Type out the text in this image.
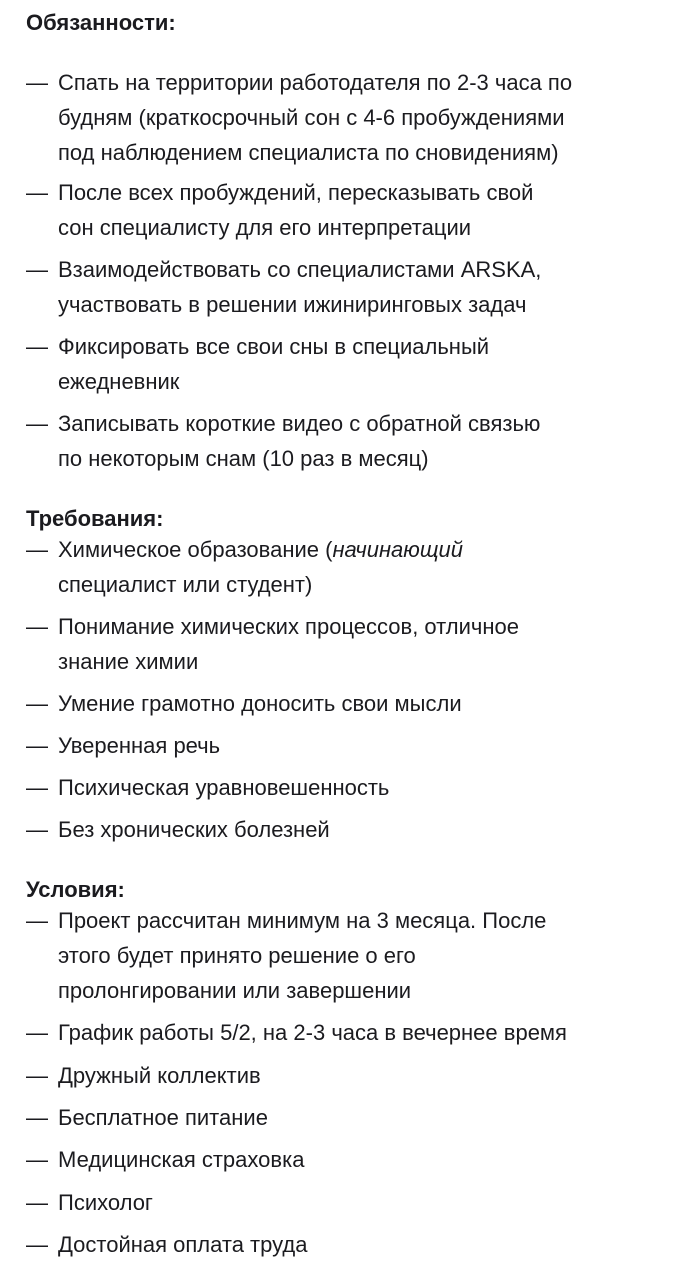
Обязанности:
— Спать на территории работодателя по 2-3 часа по
будням (краткосрочный сон с 4-6 пробуждениями
под наблюдением специалиста по сновидениям)
— После всех пробуждений, пересказывать свой
сон специалисту для его интерпретации
— Взаимодействовать со специалистами ARSKA,
участвовать в решении ижиниринговых задач
— Фиксировать все свои сны в специальный
ежедневник
— Записывать короткие видео с обратной связью
по некоторым снам (10 раз в месяц)
Требования:
— Химическое образование (начинающий
специалист или студент)
— Понимание химических процессов, отличное
знание химии
— Умение грамотно доносить свои мысли
— Уверенная речь
— Психическая уравновешенность
— Без хронических болезней
Условия:
— Проект рассчитан минимум на 3 месяца. После
этого будет принято решение о его
пролонгировании или завершении
— График работы 5/2, на 2-3 часа в вечернее время
— Дружный коллектив
— Бесплатное питание
— Медицинская страховка
— Психолог
— Достойная оплата труда
